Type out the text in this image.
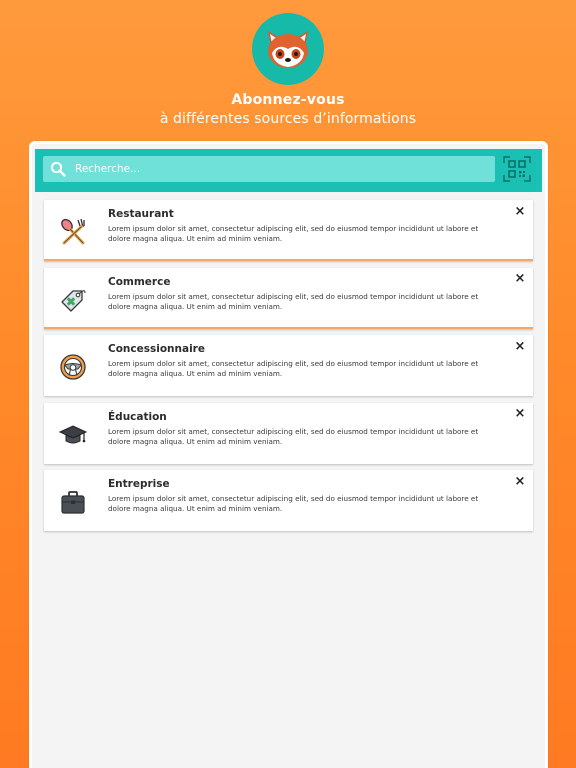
Abonnez-vous
à différentes sources d’informations
Recherche...
Restaurant
Lorem ipsum dolor sit amet, consectetur adipiscing elit, sed do eiusmod tempor incididunt ut labore et dolore magna aliqua. Ut enim ad minim veniam.
×
Commerce
Lorem ipsum dolor sit amet, consectetur adipiscing elit, sed do eiusmod tempor incididunt ut labore et dolore magna aliqua. Ut enim ad minim veniam.
×
Concessionnaire
Lorem ipsum dolor sit amet, consectetur adipiscing elit, sed do eiusmod tempor incididunt ut labore et dolore magna aliqua. Ut enim ad minim veniam.
×
Éducation
Lorem ipsum dolor sit amet, consectetur adipiscing elit, sed do eiusmod tempor incididunt ut labore et dolore magna aliqua. Ut enim ad minim veniam.
×
Entreprise
Lorem ipsum dolor sit amet, consectetur adipiscing elit, sed do eiusmod tempor incididunt ut labore et dolore magna aliqua. Ut enim ad minim veniam.
×
